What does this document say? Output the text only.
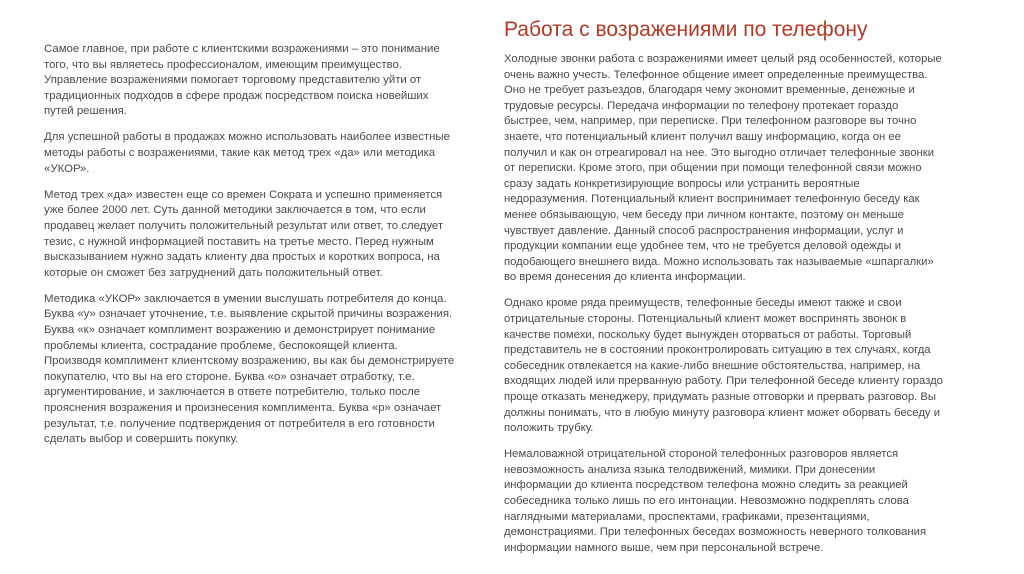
Самое главное, при работе с клиентскими возражениями – это понимание того, что вы являетесь профессионалом, имеющим преимущество. Управление возражениями помогает торговому представителю уйти от традиционных подходов в сфере продаж посредством поиска новейших путей решения.

Для успешной работы в продажах можно использовать наиболее известные методы работы с возражениями, такие как метод трех «да» или методика «УКОР».

Метод трех «да» известен еще со времен Сократа и успешно применяется уже более 2000 лет. Суть данной методики заключается в том, что если продавец желает получить положительный результат или ответ, то следует тезис, с нужной информацией поставить на третье место. Перед нужным высказыванием нужно задать клиенту два простых и коротких вопроса, на которые он сможет без затруднений дать положительный ответ.

Методика «УКОР» заключается в умении выслушать потребителя до конца. Буква «у» означает уточнение, т.е. выявление скрытой причины возражения. Буква «к» означает комплимент возражению и демонстрирует понимание проблемы клиента, сострадание проблеме, беспокоящей клиента. Производя комплимент клиентскому возражению, вы как бы демонстрируете покупателю, что вы на его стороне. Буква «о» означает отработку, т.е. аргументирование, и заключается в ответе потребителю, только после прояснения возражения и произнесения комплимента. Буква «р» означает результат, т.е. получение подтверждения от потребителя в его готовности сделать выбор и совершить покупку.

Работа с возражениями по телефону

Холодные звонки работа с возражениями имеет целый ряд особенностей, которые очень важно учесть. Телефонное общение имеет определенные преимущества. Оно не требует разъездов, благодаря чему экономит временные, денежные и трудовые ресурсы. Передача информации по телефону протекает гораздо быстрее, чем, например, при переписке. При телефонном разговоре вы точно знаете, что потенциальный клиент получил вашу информацию, когда он ее получил и как он отреагировал на нее. Это выгодно отличает телефонные звонки от переписки. Кроме этого, при общении при помощи телефонной связи можно сразу задать конкретизирующие вопросы или устранить вероятные недоразумения. Потенциальный клиент воспринимает телефонную беседу как менее обязывающую, чем беседу при личном контакте, поэтому он меньше чувствует давление. Данный способ распространения информации, услуг и продукции компании еще удобнее тем, что не требуется деловой одежды и подобающего внешнего вида. Можно использовать так называемые «шпаргалки» во время донесения до клиента информации.

Однако кроме ряда преимуществ, телефонные беседы имеют также и свои отрицательные стороны. Потенциальный клиент может воспринять звонок в качестве помехи, поскольку будет вынужден оторваться от работы. Торговый представитель не в состоянии проконтролировать ситуацию в тех случаях, когда собеседник отвлекается на какие-либо внешние обстоятельства, например, на входящих людей или прерванную работу. При телефонной беседе клиенту гораздо проще отказать менеджеру, придумать разные отговорки и прервать разговор. Вы должны понимать, что в любую минуту разговора клиент может оборвать беседу и положить трубку.

Немаловажной отрицательной стороной телефонных разговоров является невозможность анализа языка телодвижений, мимики. При донесении информации до клиента посредством телефона можно следить за реакцией собеседника только лишь по его интонации. Невозможно подкреплять слова наглядными материалами, проспектами, графиками, презентациями, демонстрациями. При телефонных беседах возможность неверного толкования информации намного выше, чем при персональной встрече.
